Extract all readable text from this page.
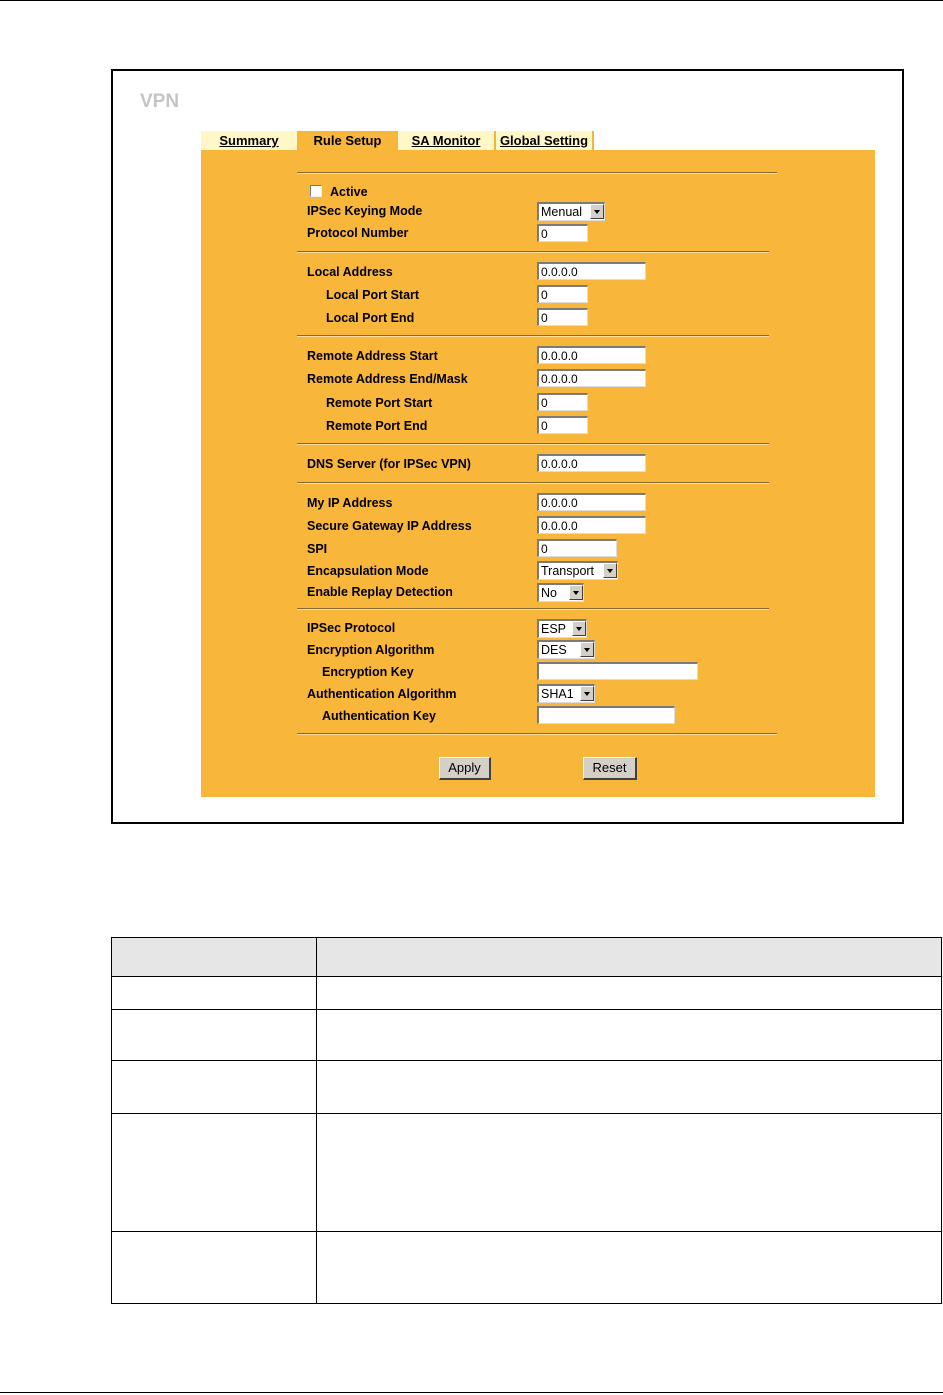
VPN
Summary	Rule Setup	SA Monitor	Global Setting
Active
IPSec Keying Mode	Menual
Protocol Number	0
Local Address	0.0.0.0
Local Port Start	0
Local Port End	0
Remote Address Start	0.0.0.0
Remote Address End/Mask	0.0.0.0
Remote Port Start	0
Remote Port End	0
DNS Server (for IPSec VPN)	0.0.0.0
My IP Address	0.0.0.0
Secure Gateway IP Address	0.0.0.0
SPI	0
Encapsulation Mode	Transport
Enable Replay Detection	No
IPSec Protocol	ESP
Encryption Algorithm	DES
Encryption Key
Authentication Algorithm	SHA1
Authentication Key
Apply	Reset
